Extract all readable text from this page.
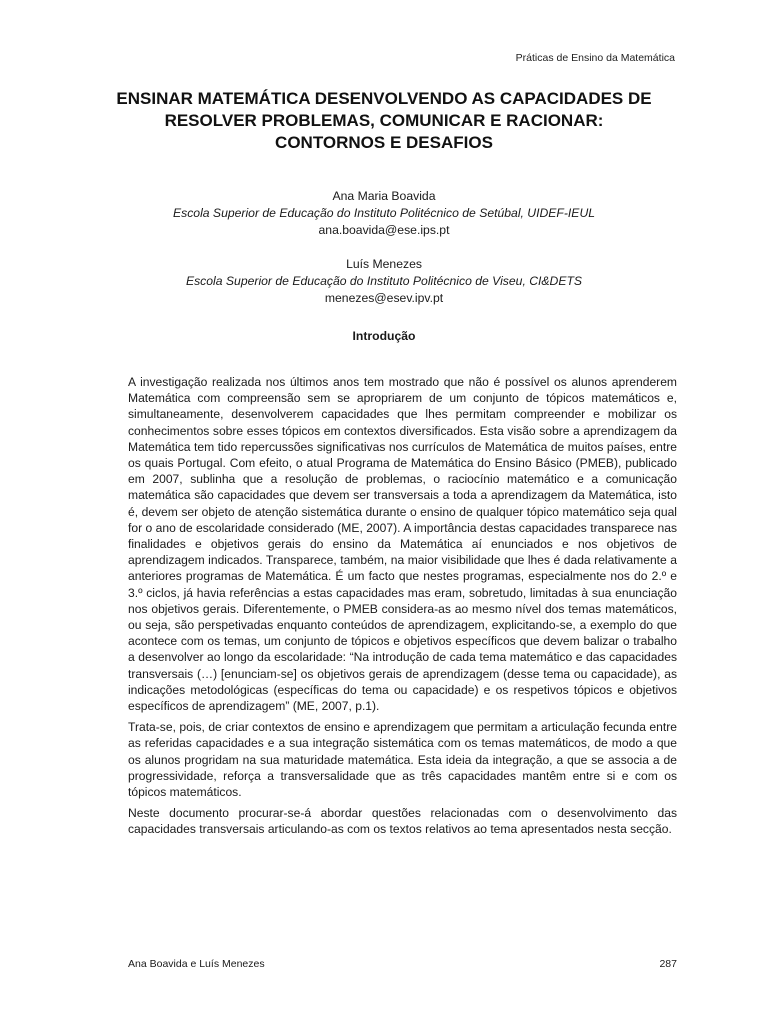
Práticas de Ensino da Matemática
ENSINAR MATEMÁTICA DESENVOLVENDO AS CAPACIDADES DE
RESOLVER PROBLEMAS, COMUNICAR E RACIONAR:
CONTORNOS E DESAFIOS
Ana Maria Boavida
Escola Superior de Educação do Instituto Politécnico de Setúbal, UIDEF-IEUL
ana.boavida@ese.ips.pt
Luís Menezes
Escola Superior de Educação do Instituto Politécnico de Viseu, CI&DETS
menezes@esev.ipv.pt
Introdução

A investigação realizada nos últimos anos tem mostrado que não é possível os alunos aprenderem Matemática com compreensão sem se apropriarem de um conjunto de tópicos matemáticos e, simultaneamente, desenvolverem capacidades que lhes permitam compreender e mobilizar os conhecimentos sobre esses tópicos em contextos diversificados. Esta visão sobre a aprendizagem da Matemática tem tido repercussões significativas nos currículos de Matemática de muitos países, entre os quais Portugal. Com efeito, o atual Programa de Matemática do Ensino Básico (PMEB), publicado em 2007, sublinha que a resolução de problemas, o raciocínio matemático e a comunicação matemática são capacidades que devem ser transversais a toda a aprendizagem da Matemática, isto é, devem ser objeto de atenção sistemática durante o ensino de qualquer tópico matemático seja qual for o ano de escolaridade considerado (ME, 2007). A importância destas capacidades transparece nas finalidades e objetivos gerais do ensino da Matemática aí enunciados e nos objetivos de aprendizagem indicados. Transparece, também, na maior visibilidade que lhes é dada relativamente a anteriores programas de Matemática. É um facto que nestes programas, especialmente nos do 2.º e 3.º ciclos, já havia referências a estas capacidades mas eram, sobretudo, limitadas à sua enunciação nos objetivos gerais. Diferentemente, o PMEB considera-as ao mesmo nível dos temas matemáticos, ou seja, são perspetivadas enquanto conteúdos de aprendizagem, explicitando-se, a exemplo do que acontece com os temas, um conjunto de tópicos e objetivos específicos que devem balizar o trabalho a desenvolver ao longo da escolaridade: “Na introdução de cada tema matemático e das capacidades transversais (…) [enunciam-se] os objetivos gerais de aprendizagem (desse tema ou capacidade), as indicações metodológicas (específicas do tema ou capacidade) e os respetivos tópicos e objetivos específicos de aprendizagem” (ME, 2007, p.1).

Trata-se, pois, de criar contextos de ensino e aprendizagem que permitam a articulação fecunda entre as referidas capacidades e a sua integração sistemática com os temas matemáticos, de modo a que os alunos progridam na sua maturidade matemática. Esta ideia da integração, a que se associa a de progressividade, reforça a transversalidade que as três capacidades mantêm entre si e com os tópicos matemáticos.

Neste documento procurar-se-á abordar questões relacionadas com o desenvolvimento das capacidades transversais articulando-as com os textos relativos ao tema apresentados nesta secção.

Ana Boavida e Luís Menezes	287
